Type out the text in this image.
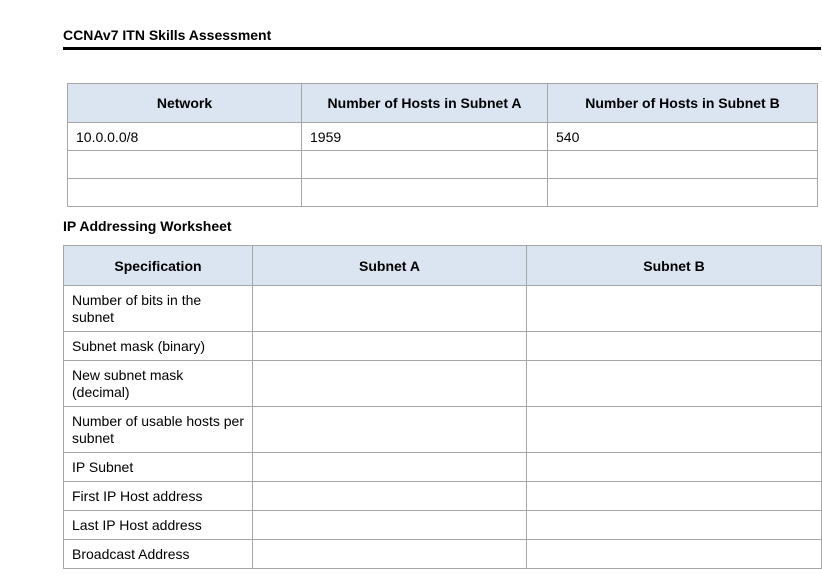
CCNAv7 ITN Skills Assessment
Network	Number of Hosts in Subnet A	Number of Hosts in Subnet B
10.0.0.0/8	1959	540

IP Addressing Worksheet
Specification	Subnet A	Subnet B
Number of bits in the subnet		
Subnet mask (binary)		
New subnet mask (decimal)		
Number of usable hosts per subnet		
IP Subnet		
First IP Host address		
Last IP Host address		
Broadcast Address		
